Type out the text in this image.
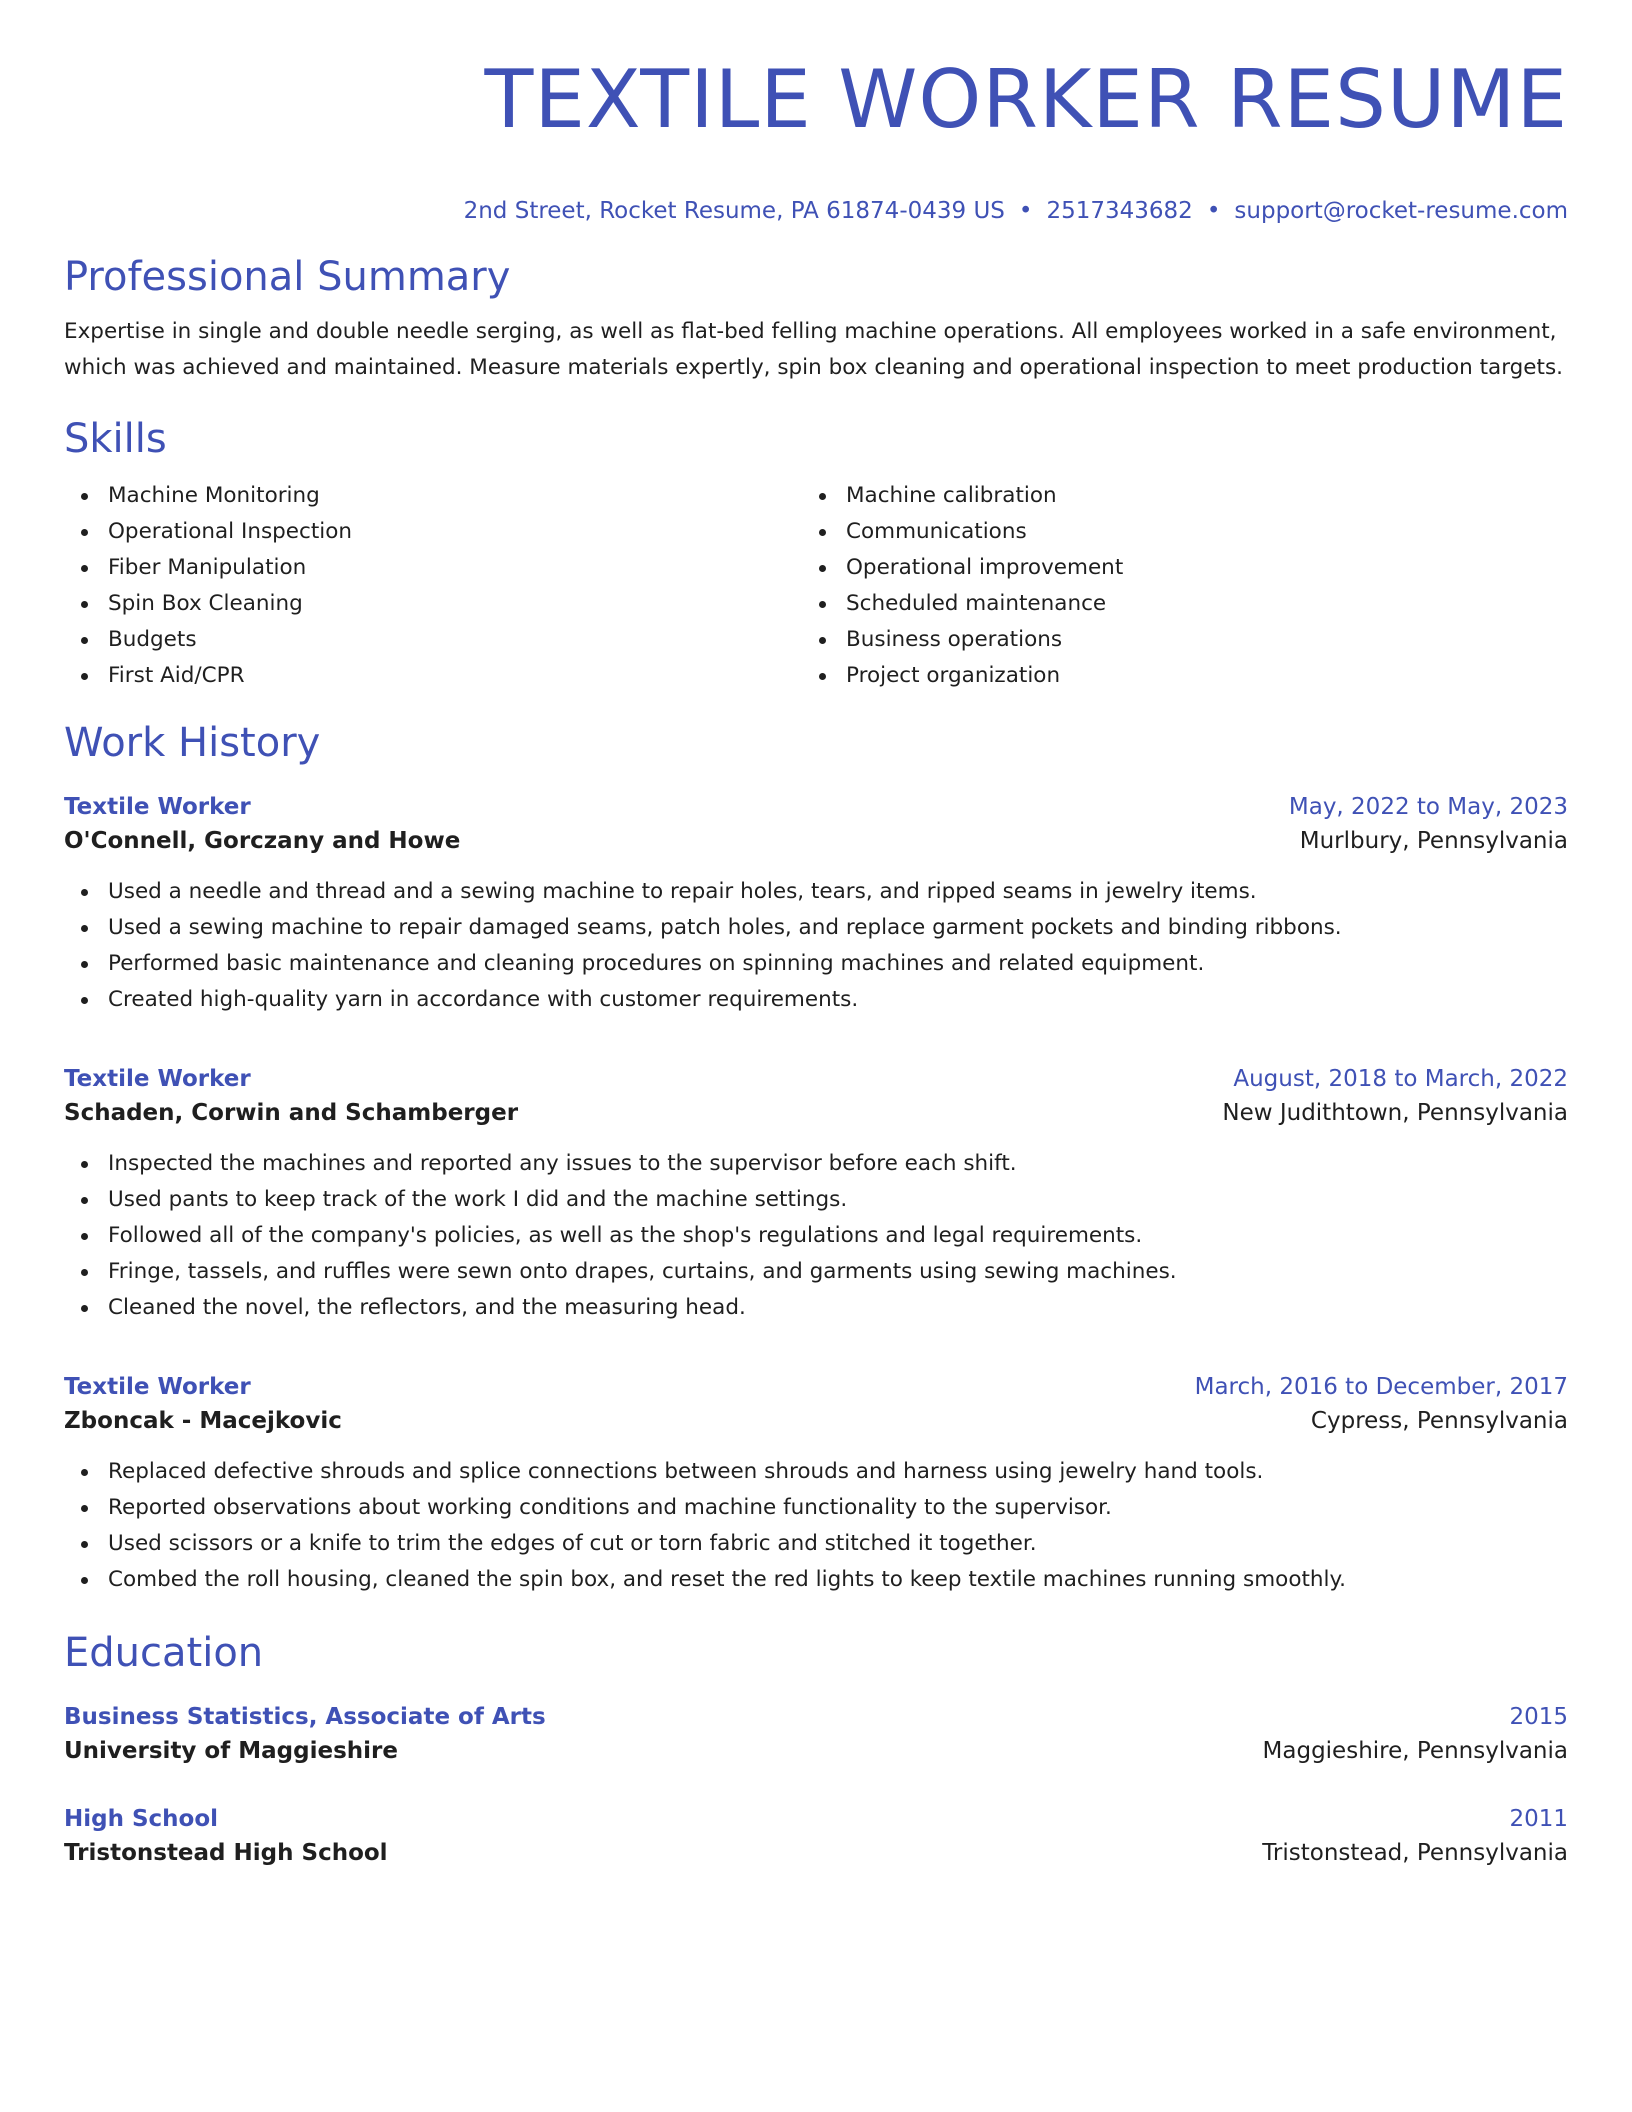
TEXTILE WORKER RESUME
2nd Street, Rocket Resume, PA 61874-0439 US • 2517343682 • support@rocket-resume.com
Professional Summary

Expertise in single and double needle serging, as well as flat-bed felling machine operations. All employees worked in a safe environment, which was achieved and maintained. Measure materials expertly, spin box cleaning and operational inspection to meet production targets.

Skills
Machine Monitoring
Operational Inspection
Fiber Manipulation
Spin Box Cleaning
Budgets
First Aid/CPR
Machine calibration
Communications
Operational improvement
Scheduled maintenance
Business operations
Project organization
Work History
Textile Worker	May, 2022 to May, 2023
O'Connell, Gorczany and Howe	Murlbury, Pennsylvania
Used a needle and thread and a sewing machine to repair holes, tears, and ripped seams in jewelry items.
Used a sewing machine to repair damaged seams, patch holes, and replace garment pockets and binding ribbons.
Performed basic maintenance and cleaning procedures on spinning machines and related equipment.
Created high-quality yarn in accordance with customer requirements.
Textile Worker	August, 2018 to March, 2022
Schaden, Corwin and Schamberger	New Judithtown, Pennsylvania
Inspected the machines and reported any issues to the supervisor before each shift.
Used pants to keep track of the work I did and the machine settings.
Followed all of the company's policies, as well as the shop's regulations and legal requirements.
Fringe, tassels, and ruffles were sewn onto drapes, curtains, and garments using sewing machines.
Cleaned the novel, the reflectors, and the measuring head.
Textile Worker	March, 2016 to December, 2017
Zboncak - Macejkovic	Cypress, Pennsylvania
Replaced defective shrouds and splice connections between shrouds and harness using jewelry hand tools.
Reported observations about working conditions and machine functionality to the supervisor.
Used scissors or a knife to trim the edges of cut or torn fabric and stitched it together.
Combed the roll housing, cleaned the spin box, and reset the red lights to keep textile machines running smoothly.
Education
Business Statistics, Associate of Arts	2015
University of Maggieshire	Maggieshire, Pennsylvania
High School	2011
Tristonstead High School	Tristonstead, Pennsylvania
